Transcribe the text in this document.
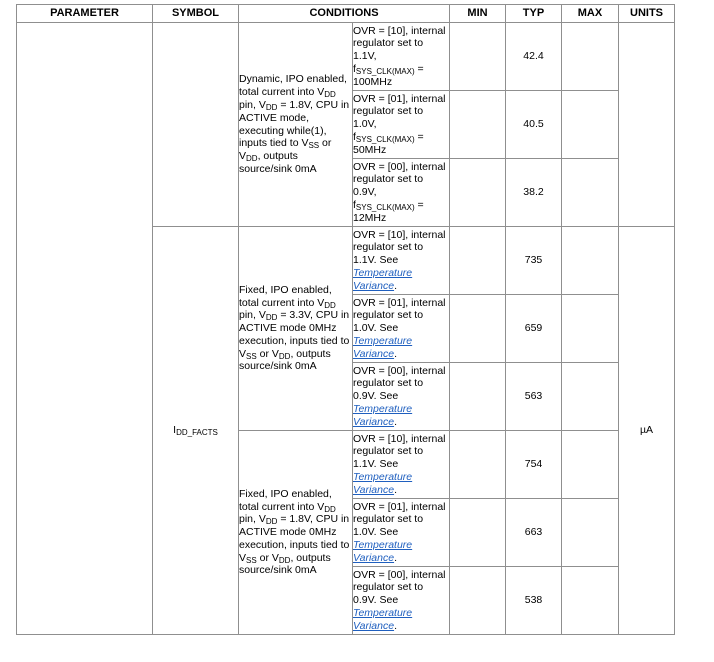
PARAMETER	SYMBOL	CONDITIONS		MIN	TYP	MAX	UNITS
		Dynamic, IPO enabled, total current into $V_{DD}$ pin, $V_{DD} = 1.8V$, CPU in ACTIVE mode, executing while(1), inputs tied to $V_{SS}$ or $V_{DD}$, outputs source/sink 0mA	OVR = [10], internal regulator set to 1.1V,
$f_{SYS\_CLK(MAX)} = 100MHz$		42.4		
			OVR = [01], internal regulator set to 1.0V,
$f_{SYS\_CLK(MAX)} = 50MHz$		40.5		
			OVR = [00], internal regulator set to 0.9V,
$f_{SYS\_CLK(MAX)} = 12MHz$		38.2		
	$I_{DD\_FACTS}$	Fixed, IPO enabled, total current into $V_{DD}$ pin, $V_{DD} = 3.3V$, CPU in ACTIVE mode 0MHz execution, inputs tied to $V_{SS}$ or $V_{DD}$, outputs source/sink 0mA	OVR = [10], internal regulator set to 1.1V. See Temperature Variance.		735		µA
			OVR = [01], internal regulator set to 1.0V. See Temperature Variance.		659		
			OVR = [00], internal regulator set to 0.9V. See Temperature Variance.		563		
		Fixed, IPO enabled, total current into $V_{DD}$ pin, $V_{DD} = 1.8V$, CPU in ACTIVE mode 0MHz execution, inputs tied to $V_{SS}$ or $V_{DD}$, outputs source/sink 0mA	OVR = [10], internal regulator set to 1.1V. See Temperature Variance.		754		
			OVR = [01], internal regulator set to 1.0V. See Temperature Variance.		663		
			OVR = [00], internal regulator set to 0.9V. See Temperature Variance.		538		
